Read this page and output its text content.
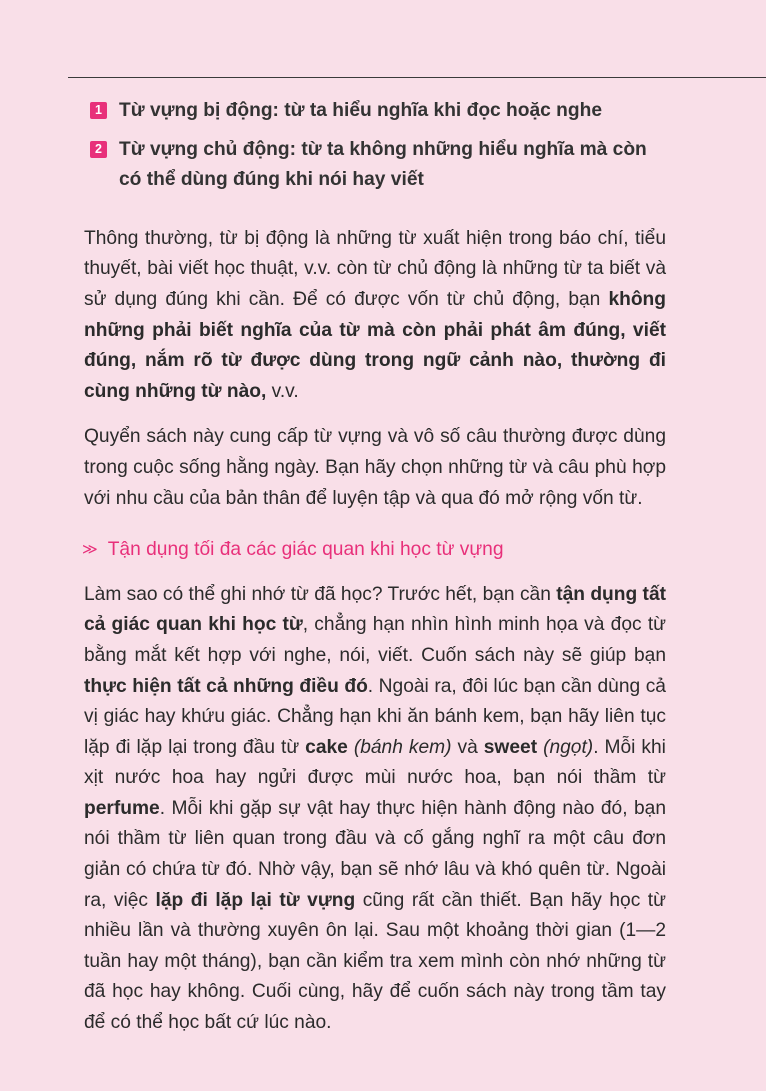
1 Từ vựng bị động: từ ta hiểu nghĩa khi đọc hoặc nghe
2 Từ vựng chủ động: từ ta không những hiểu nghĩa mà còn có thể dùng đúng khi nói hay viết

Thông thường, từ bị động là những từ xuất hiện trong báo chí, tiểu thuyết, bài viết học thuật, v.v. còn từ chủ động là những từ ta biết và sử dụng đúng khi cần. Để có được vốn từ chủ động, bạn không những phải biết nghĩa của từ mà còn phải phát âm đúng, viết đúng, nắm rõ từ được dùng trong ngữ cảnh nào, thường đi cùng những từ nào, v.v.

Quyển sách này cung cấp từ vựng và vô số câu thường được dùng trong cuộc sống hằng ngày. Bạn hãy chọn những từ và câu phù hợp với nhu cầu của bản thân để luyện tập và qua đó mở rộng vốn từ.

≫ Tận dụng tối đa các giác quan khi học từ vựng

Làm sao có thể ghi nhớ từ đã học? Trước hết, bạn cần tận dụng tất cả giác quan khi học từ, chẳng hạn nhìn hình minh họa và đọc từ bằng mắt kết hợp với nghe, nói, viết. Cuốn sách này sẽ giúp bạn thực hiện tất cả những điều đó. Ngoài ra, đôi lúc bạn cần dùng cả vị giác hay khứu giác. Chẳng hạn khi ăn bánh kem, bạn hãy liên tục lặp đi lặp lại trong đầu từ cake (bánh kem) và sweet (ngọt). Mỗi khi xịt nước hoa hay ngửi được mùi nước hoa, bạn nói thầm từ perfume. Mỗi khi gặp sự vật hay thực hiện hành động nào đó, bạn nói thầm từ liên quan trong đầu và cố gắng nghĩ ra một câu đơn giản có chứa từ đó. Nhờ vậy, bạn sẽ nhớ lâu và khó quên từ. Ngoài ra, việc lặp đi lặp lại từ vựng cũng rất cần thiết. Bạn hãy học từ nhiều lần và thường xuyên ôn lại. Sau một khoảng thời gian (1—2 tuần hay một tháng), bạn cần kiểm tra xem mình còn nhớ những từ đã học hay không. Cuối cùng, hãy để cuốn sách này trong tầm tay để có thể học bất cứ lúc nào.
